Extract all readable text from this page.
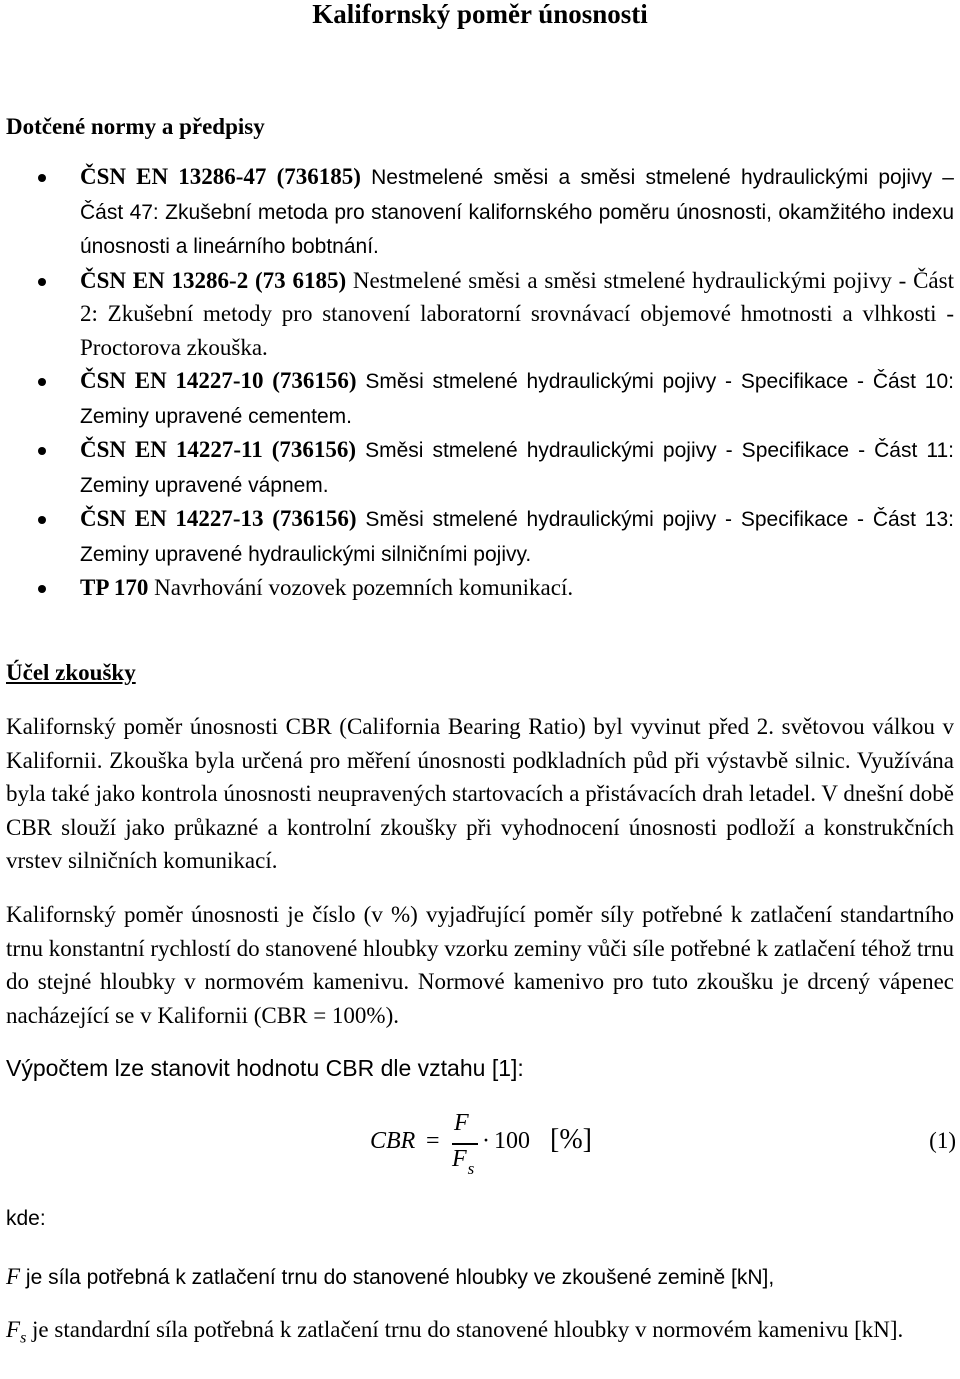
Kalifornský poměr únosnosti
Dotčené normy a předpisy
ČSN EN 13286-47 (736185) Nestmelené směsi a směsi stmelené hydraulickými pojivy – Část 47: Zkušební metoda pro stanovení kalifornského poměru únosnosti, okamžitého indexu únosnosti a lineárního bobtnání.
ČSN EN 13286-2 (73 6185) Nestmelené směsi a směsi stmelené hydraulickými pojivy - Část 2: Zkušební metody pro stanovení laboratorní srovnávací objemové hmotnosti a vlhkosti - Proctorova zkouška.
ČSN EN 14227-10 (736156) Směsi stmelené hydraulickými pojivy - Specifikace - Část 10: Zeminy upravené cementem.
ČSN EN 14227-11 (736156) Směsi stmelené hydraulickými pojivy - Specifikace - Část 11: Zeminy upravené vápnem.
ČSN EN 14227-13 (736156) Směsi stmelené hydraulickými pojivy - Specifikace - Část 13: Zeminy upravené hydraulickými silničními pojivy.
TP 170 Navrhování vozovek pozemních komunikací.
Účel zkoušky

Kalifornský poměr únosnosti CBR (California Bearing Ratio) byl vyvinut před 2. světovou válkou v Kalifornii. Zkouška byla určená pro měření únosnosti podkladních půd při výstavbě silnic. Využívána byla také jako kontrola únosnosti neupravených startovacích a přistávacích drah letadel. V dnešní době CBR slouží jako průkazné a kontrolní zkoušky při vyhodnocení únosnosti podloží a konstrukčních vrstev silničních komunikací.

Kalifornský poměr únosnosti je číslo (v %) vyjadřující poměr síly potřebné k zatlačení standartního trnu konstantní rychlostí do stanovené hloubky vzorku zeminy vůči síle potřebné k zatlačení téhož trnu do stejné hloubky v normovém kamenivu. Normové kamenivo pro tuto zkoušku je drcený vápenec nacházející se v Kalifornii (CBR = 100%).

Výpočtem lze stanovit hodnotu CBR dle vztahu [1]:

CBR =
F
$F_s$
· 100 [%]	(1)
kde:

F je síla potřebná k zatlačení trnu do stanovené hloubky ve zkoušené zemině [kN],

$F_s$ je standardní síla potřebná k zatlačení trnu do stanovené hloubky v normovém kamenivu [kN].
